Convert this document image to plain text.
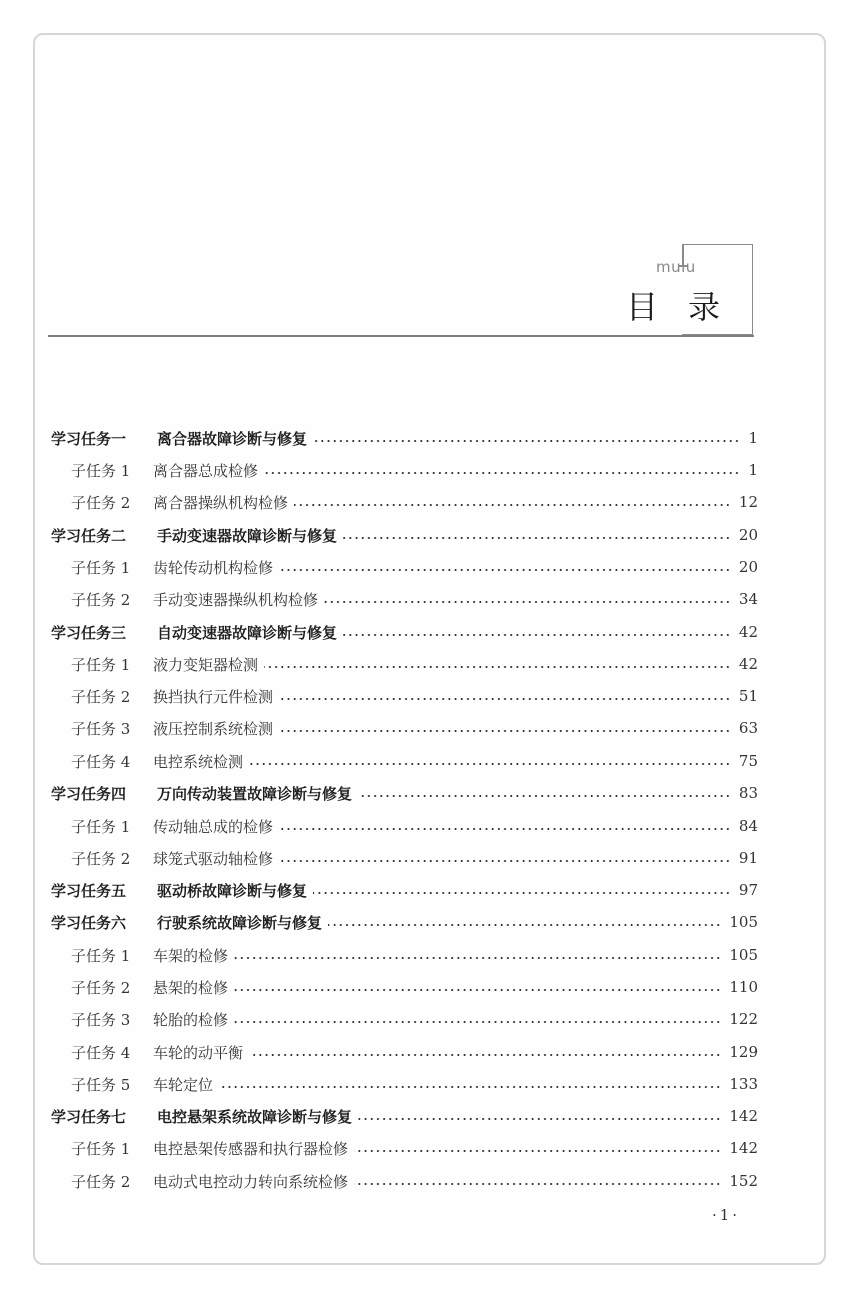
mulu
目录
学习任务一	离合器故障诊断与修复	1
子任务 1	离合器总成检修	1
子任务 2	离合器操纵机构检修	12
学习任务二	手动变速器故障诊断与修复	20
子任务 1	齿轮传动机构检修	20
子任务 2	手动变速器操纵机构检修	34
学习任务三	自动变速器故障诊断与修复	42
子任务 1	液力变矩器检测	42
子任务 2	换挡执行元件检测	51
子任务 3	液压控制系统检测	63
子任务 4	电控系统检测	75
学习任务四	万向传动装置故障诊断与修复	83
子任务 1	传动轴总成的检修	84
子任务 2	球笼式驱动轴检修	91
学习任务五	驱动桥故障诊断与修复	97
学习任务六	行驶系统故障诊断与修复	105
子任务 1	车架的检修	105
子任务 2	悬架的检修	110
子任务 3	轮胎的检修	122
子任务 4	车轮的动平衡	129
子任务 5	车轮定位	133
学习任务七	电控悬架系统故障诊断与修复	142
子任务 1	电控悬架传感器和执行器检修	142
子任务 2	电动式电控动力转向系统检修	152
·1·
